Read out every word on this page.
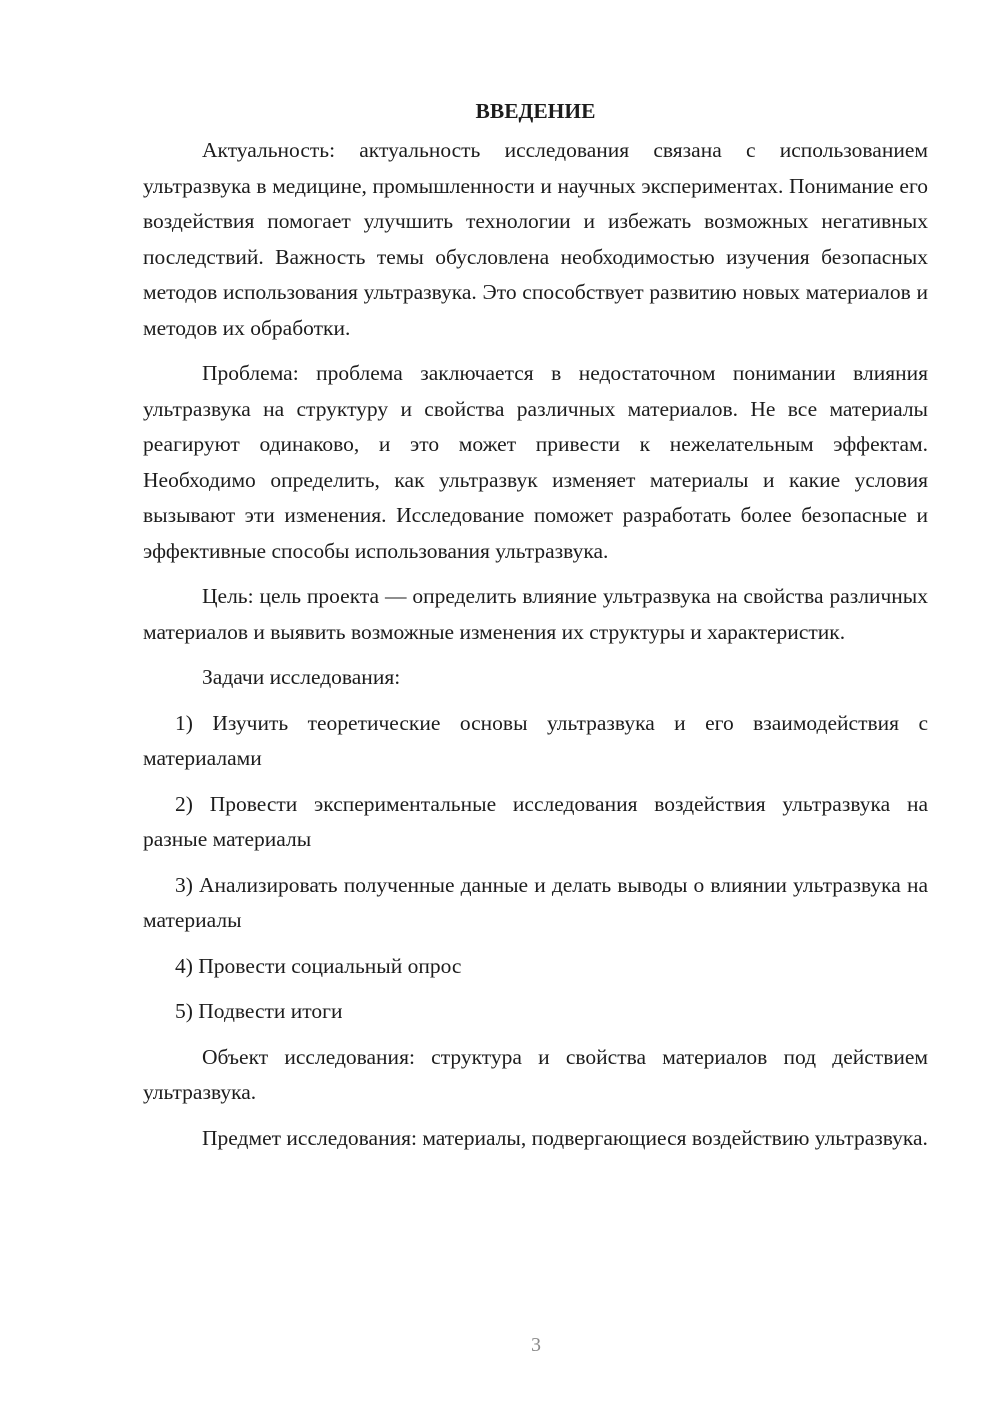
ВВЕДЕНИЕ

Актуальность: актуальность исследования связана с использованием ультразвука в медицине, промышленности и научных экспериментах. Понимание его воздействия помогает улучшить технологии и избежать возможных негативных последствий. Важность темы обусловлена необходимостью изучения безопасных методов использования ультразвука. Это способствует развитию новых материалов и методов их обработки.

Проблема: проблема заключается в недостаточном понимании влияния ультразвука на структуру и свойства различных материалов. Не все материалы реагируют одинаково, и это может привести к нежелательным эффектам. Необходимо определить, как ультразвук изменяет материалы и какие условия вызывают эти изменения. Исследование поможет разработать более безопасные и эффективные способы использования ультразвука.

Цель: цель проекта — определить влияние ультразвука на свойства различных материалов и выявить возможные изменения их структуры и характеристик.

Задачи исследования:

1) Изучить теоретические основы ультразвука и его взаимодействия с материалами

2) Провести экспериментальные исследования воздействия ультразвука на разные материалы

3) Анализировать полученные данные и делать выводы о влиянии ультразвука на материалы

4) Провести социальный опрос

5) Подвести итоги

Объект исследования: структура и свойства материалов под действием ультразвука.

Предмет исследования: материалы, подвергающиеся воздействию ультразвука.

3
